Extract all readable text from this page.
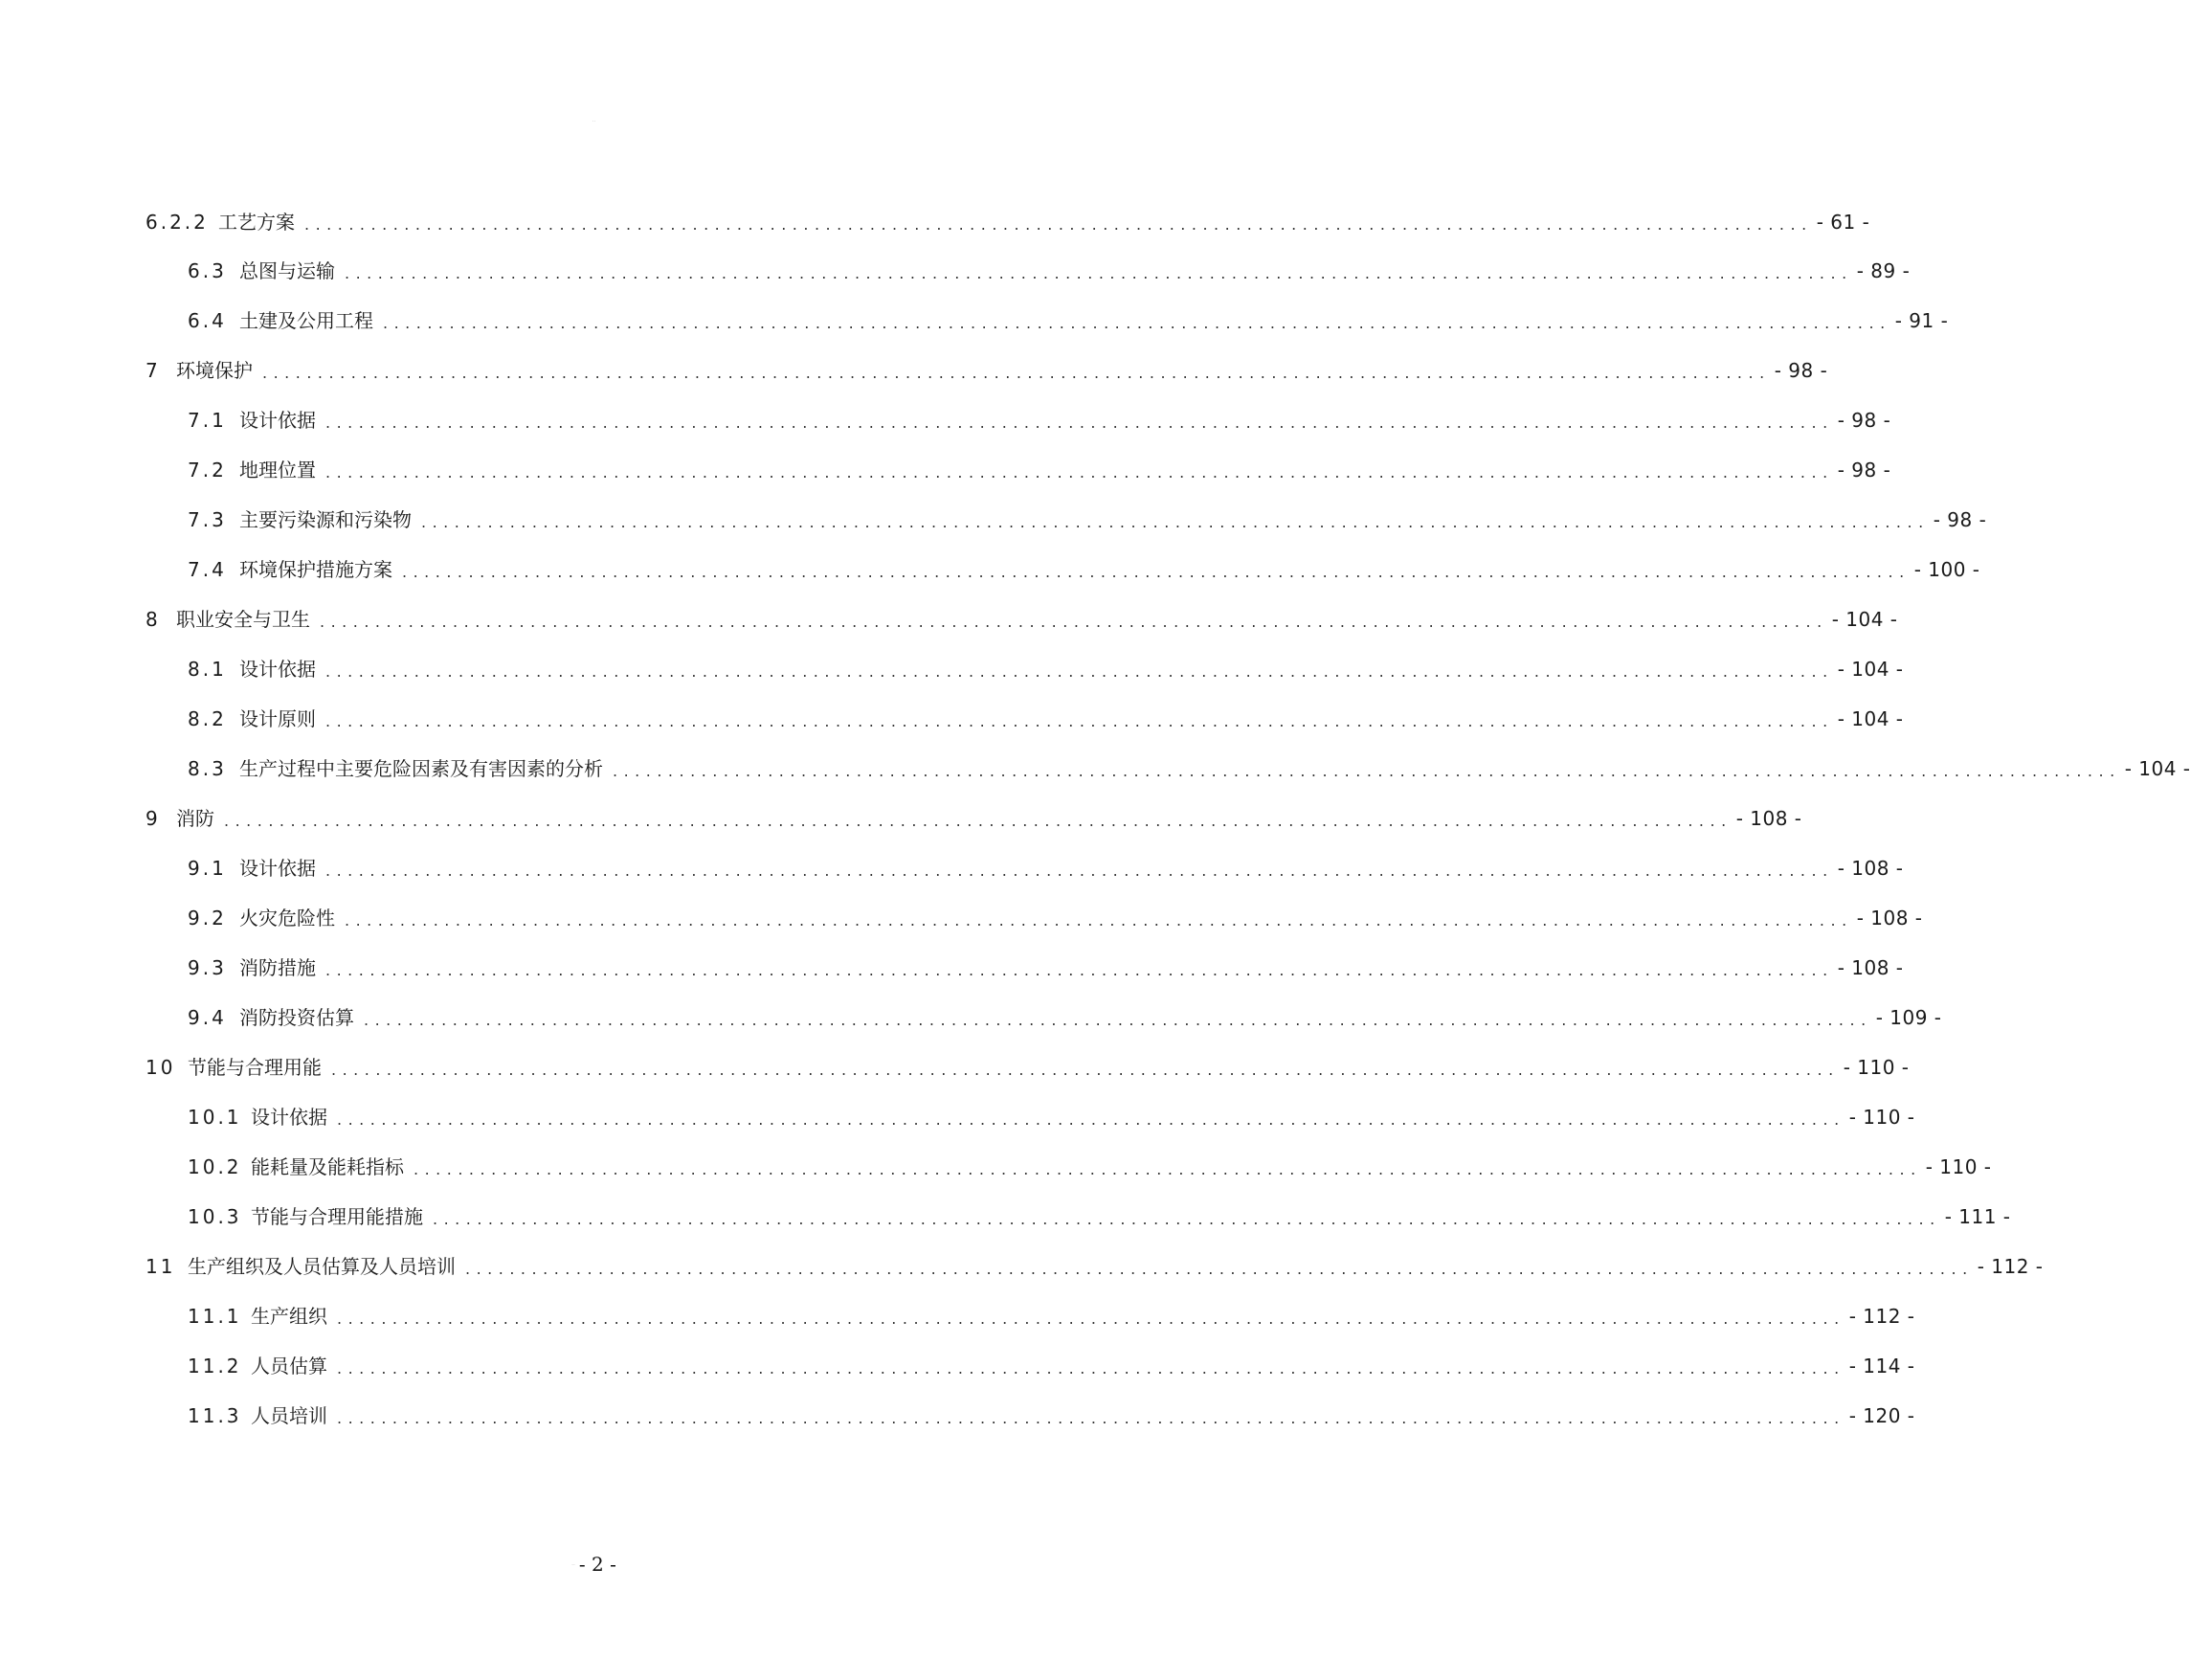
··
6.2.2 工艺方案 ........................................................................................................................................ - 61 -
6.3 总图与运输 ........................................................................................................................................ - 89 -
6.4 土建及公用工程 ........................................................................................................................................ - 91 -
7 环境保护 ........................................................................................................................................ - 98 -
7.1 设计依据 ........................................................................................................................................ - 98 -
7.2 地理位置 ........................................................................................................................................ - 98 -
7.3 主要污染源和污染物 ........................................................................................................................................ - 98 -
7.4 环境保护措施方案 ........................................................................................................................................ - 100 -
8 职业安全与卫生 ........................................................................................................................................ - 104 -
8.1 设计依据 ........................................................................................................................................ - 104 -
8.2 设计原则 ........................................................................................................................................ - 104 -
8.3 生产过程中主要危险因素及有害因素的分析 ........................................................................................................................................ - 104 -
9 消防 ........................................................................................................................................ - 108 -
9.1 设计依据 ........................................................................................................................................ - 108 -
9.2 火灾危险性 ........................................................................................................................................ - 108 -
9.3 消防措施 ........................................................................................................................................ - 108 -
9.4 消防投资估算 ........................................................................................................................................ - 109 -
10 节能与合理用能 ........................................................................................................................................ - 110 -
10.1 设计依据 ........................................................................................................................................ - 110 -
10.2 能耗量及能耗指标 ........................................................................................................................................ - 110 -
10.3 节能与合理用能措施 ........................................................................................................................................ - 111 -
11 生产组织及人员估算及人员培训 ........................................................................................................................................ - 112 -
11.1 生产组织 ........................................................................................................................................ - 112 -
11.2 人员估算 ........................................................................................................................................ - 114 -
11.3 人员培训 ........................................................................................................................................ - 120 -
·· - 2 -
